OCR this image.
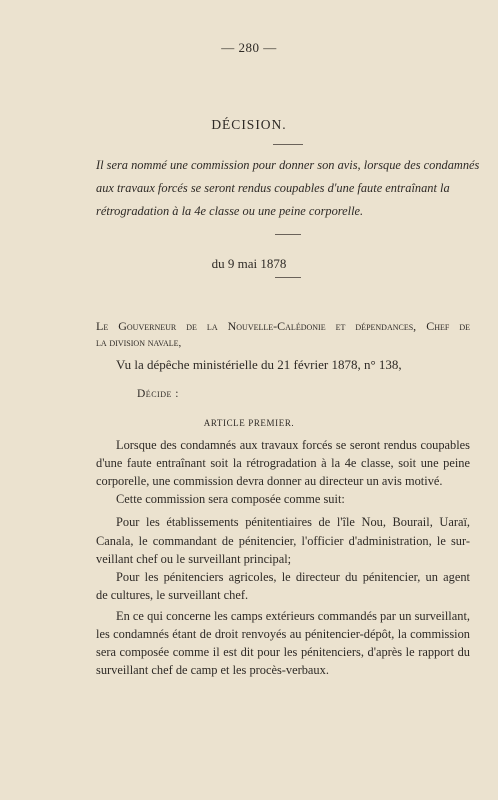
— 280 —
DÉCISION.
Il sera nommé une commission pour donner son avis, lorsque des condamnés
aux travaux forcés se seront rendus coupables d'une faute entraînant la
rétrogradation à la 4e classe ou une peine corporelle.
du 9 mai 1878
Le Gouverneur de la Nouvelle-Calédonie et dépendances, Chef de
la division navale,
Vu la dépêche ministérielle du 21 février 1878, n° 138,
Décide :
ARTICLE PREMIER.
Lorsque des condamnés aux travaux forcés se seront rendus coupables
d'une faute entraînant soit la rétrogradation à la 4e classe, soit une peine
corporelle, une commission devra donner au directeur un avis motivé.
Cette commission sera composée comme suit:
Pour les établissements pénitentiaires de l'île Nou, Bourail, Uaraï,
Canala, le commandant de pénitencier, l'officier d'administration, le sur-
veillant chef ou le surveillant principal;
Pour les pénitenciers agricoles, le directeur du pénitencier, un agent
de cultures, le surveillant chef.
En ce qui concerne les camps extérieurs commandés par un surveillant,
les condamnés étant de droit renvoyés au pénitencier-dépôt, la commission
sera composée comme il est dit pour les pénitenciers, d'après le rapport du
surveillant chef de camp et les procès-verbaux.
